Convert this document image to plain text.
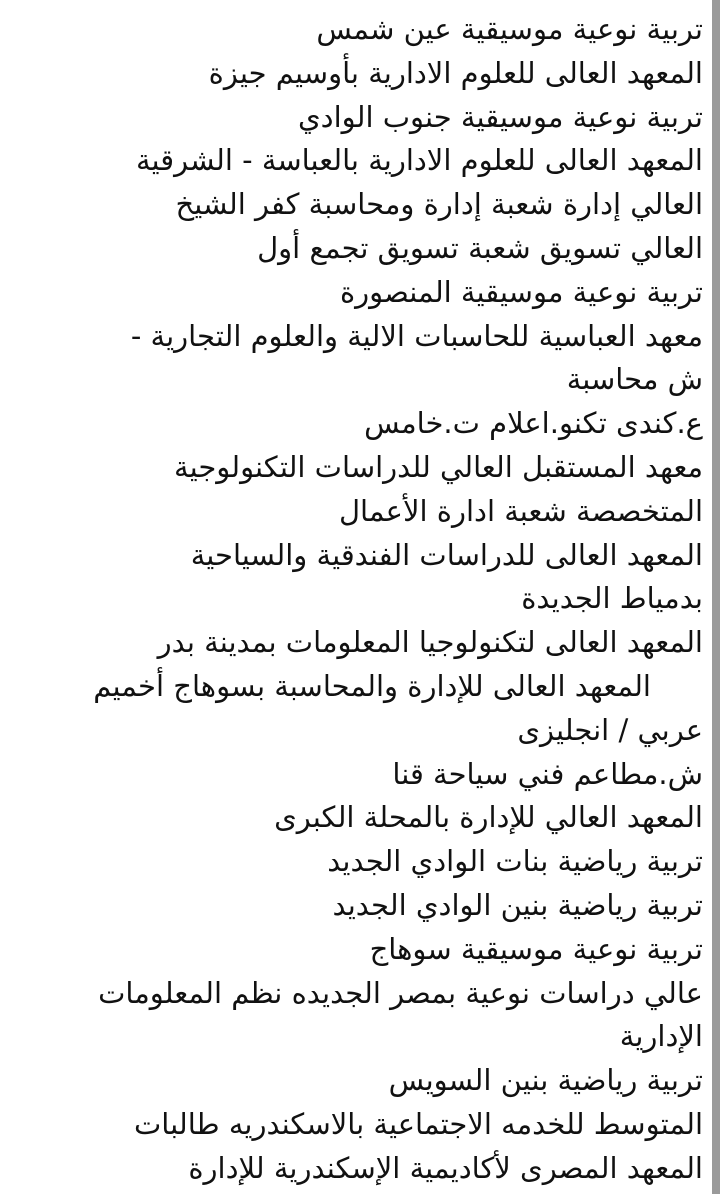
تربية نوعية موسيقية عين شمس
المعهد العالى للعلوم الادارية بأوسيم جيزة
تربية نوعية موسيقية جنوب الوادي
المعهد العالى للعلوم الادارية بالعباسة - الشرقية
العالي إدارة شعبة إدارة ومحاسبة كفر الشيخ
العالي تسويق شعبة تسويق تجمع أول
تربية نوعية موسيقية المنصورة
معهد العباسية للحاسبات الالية والعلوم التجارية -
ش محاسبة
ع.كندى تكنو.اعلام ت.خامس
معهد المستقبل العالي للدراسات التكنولوجية
المتخصصة شعبة ادارة الأعمال
المعهد العالى للدراسات الفندقية والسياحية
بدمياط الجديدة
المعهد العالى لتكنولوجيا المعلومات بمدينة بدر
المعهد العالى للإدارة والمحاسبة بسوهاج أخميم
عربي / انجليزى
ش.مطاعم فني سياحة قنا
المعهد العالي للإدارة بالمحلة الكبرى
تربية رياضية بنات الوادي الجديد
تربية رياضية بنين الوادي الجديد
تربية نوعية موسيقية سوهاج
عالي دراسات نوعية بمصر الجديده نظم المعلومات
الإدارية
تربية رياضية بنين السويس
المتوسط للخدمه الاجتماعية بالاسكندريه طالبات
المعهد المصرى لأكاديمية الإسكندرية للإدارة
